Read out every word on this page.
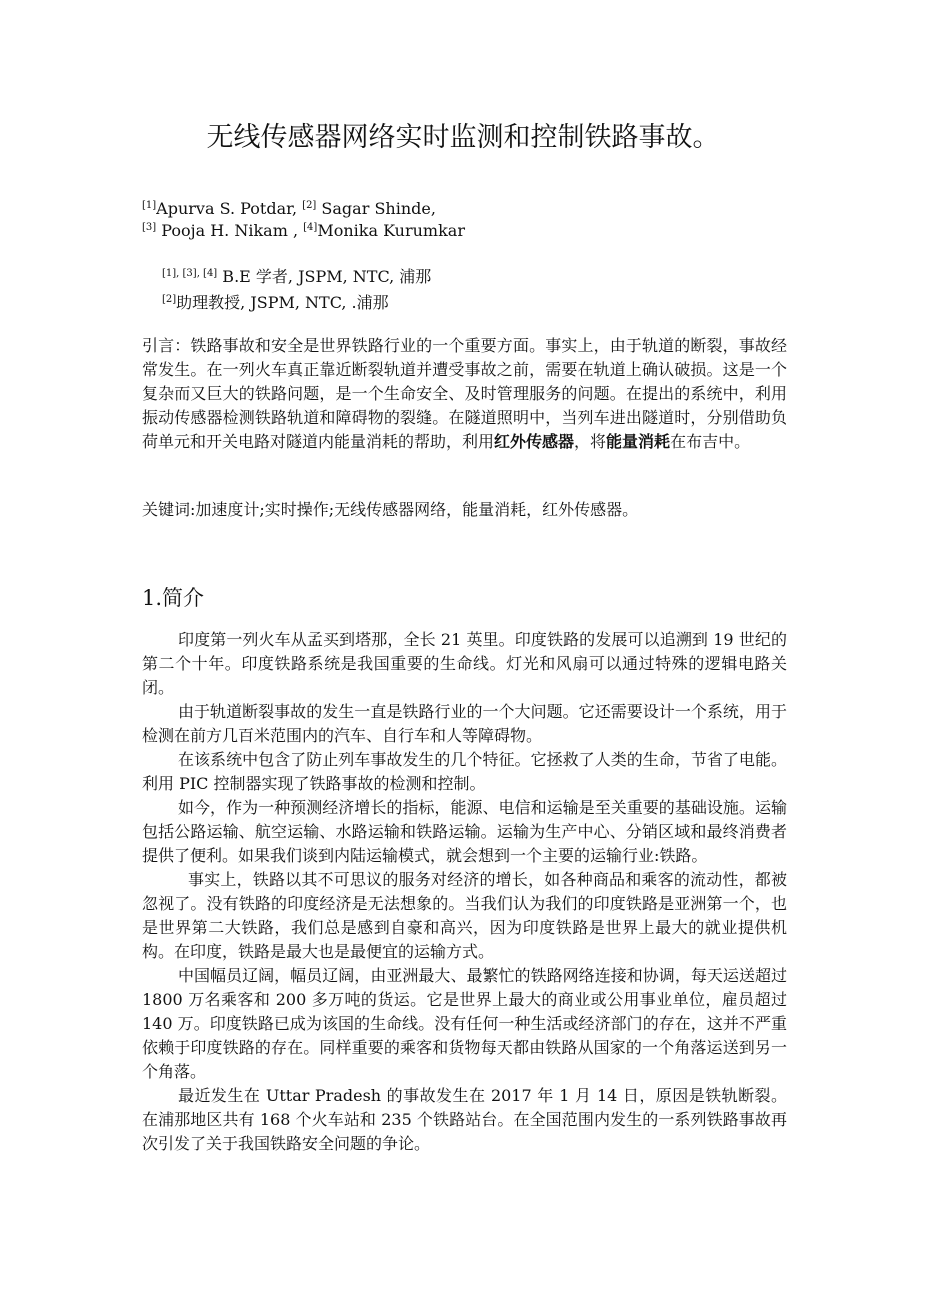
无线传感器网络实时监测和控制铁路事故。
[1]Apurva S. Potdar, [2] Sagar Shinde,
[3] Pooja H. Nikam , [4]Monika Kurumkar
[1], [3], [4] B.E 学者, JSPM, NTC, 浦那
[2]助理教授, JSPM, NTC, .浦那
引言：铁路事故和安全是世界铁路行业的一个重要方面。事实上，由于轨道的断裂，事故经常发生。在一列火车真正靠近断裂轨道并遭受事故之前，需要在轨道上确认破损。这是一个复杂而又巨大的铁路问题，是一个生命安全、及时管理服务的问题。在提出的系统中，利用振动传感器检测铁路轨道和障碍物的裂缝。在隧道照明中，当列车进出隧道时，分别借助负荷单元和开关电路对隧道内能量消耗的帮助，利用红外传感器，将能量消耗在布吉中。
关键词:加速度计;实时操作;无线传感器网络，能量消耗，红外传感器。
1.简介

印度第一列火车从孟买到塔那，全长 21 英里。印度铁路的发展可以追溯到 19 世纪的第二个十年。印度铁路系统是我国重要的生命线。灯光和风扇可以通过特殊的逻辑电路关闭。

由于轨道断裂事故的发生一直是铁路行业的一个大问题。它还需要设计一个系统，用于检测在前方几百米范围内的汽车、自行车和人等障碍物。

在该系统中包含了防止列车事故发生的几个特征。它拯救了人类的生命，节省了电能。利用 PIC 控制器实现了铁路事故的检测和控制。

如今，作为一种预测经济增长的指标，能源、电信和运输是至关重要的基础设施。运输包括公路运输、航空运输、水路运输和铁路运输。运输为生产中心、分销区域和最终消费者提供了便利。如果我们谈到内陆运输模式，就会想到一个主要的运输行业:铁路。

事实上，铁路以其不可思议的服务对经济的增长，如各种商品和乘客的流动性，都被忽视了。没有铁路的印度经济是无法想象的。当我们认为我们的印度铁路是亚洲第一个，也是世界第二大铁路，我们总是感到自豪和高兴，因为印度铁路是世界上最大的就业提供机构。在印度，铁路是最大也是最便宜的运输方式。

中国幅员辽阔，幅员辽阔，由亚洲最大、最繁忙的铁路网络连接和协调，每天运送超过 1800 万名乘客和 200 多万吨的货运。它是世界上最大的商业或公用事业单位，雇员超过 140 万。印度铁路已成为该国的生命线。没有任何一种生活或经济部门的存在，这并不严重依赖于印度铁路的存在。同样重要的乘客和货物每天都由铁路从国家的一个角落运送到另一个角落。

最近发生在 Uttar Pradesh 的事故发生在 2017 年 1 月 14 日，原因是铁轨断裂。在浦那地区共有 168 个火车站和 235 个铁路站台。在全国范围内发生的一系列铁路事故再次引发了关于我国铁路安全问题的争论。
